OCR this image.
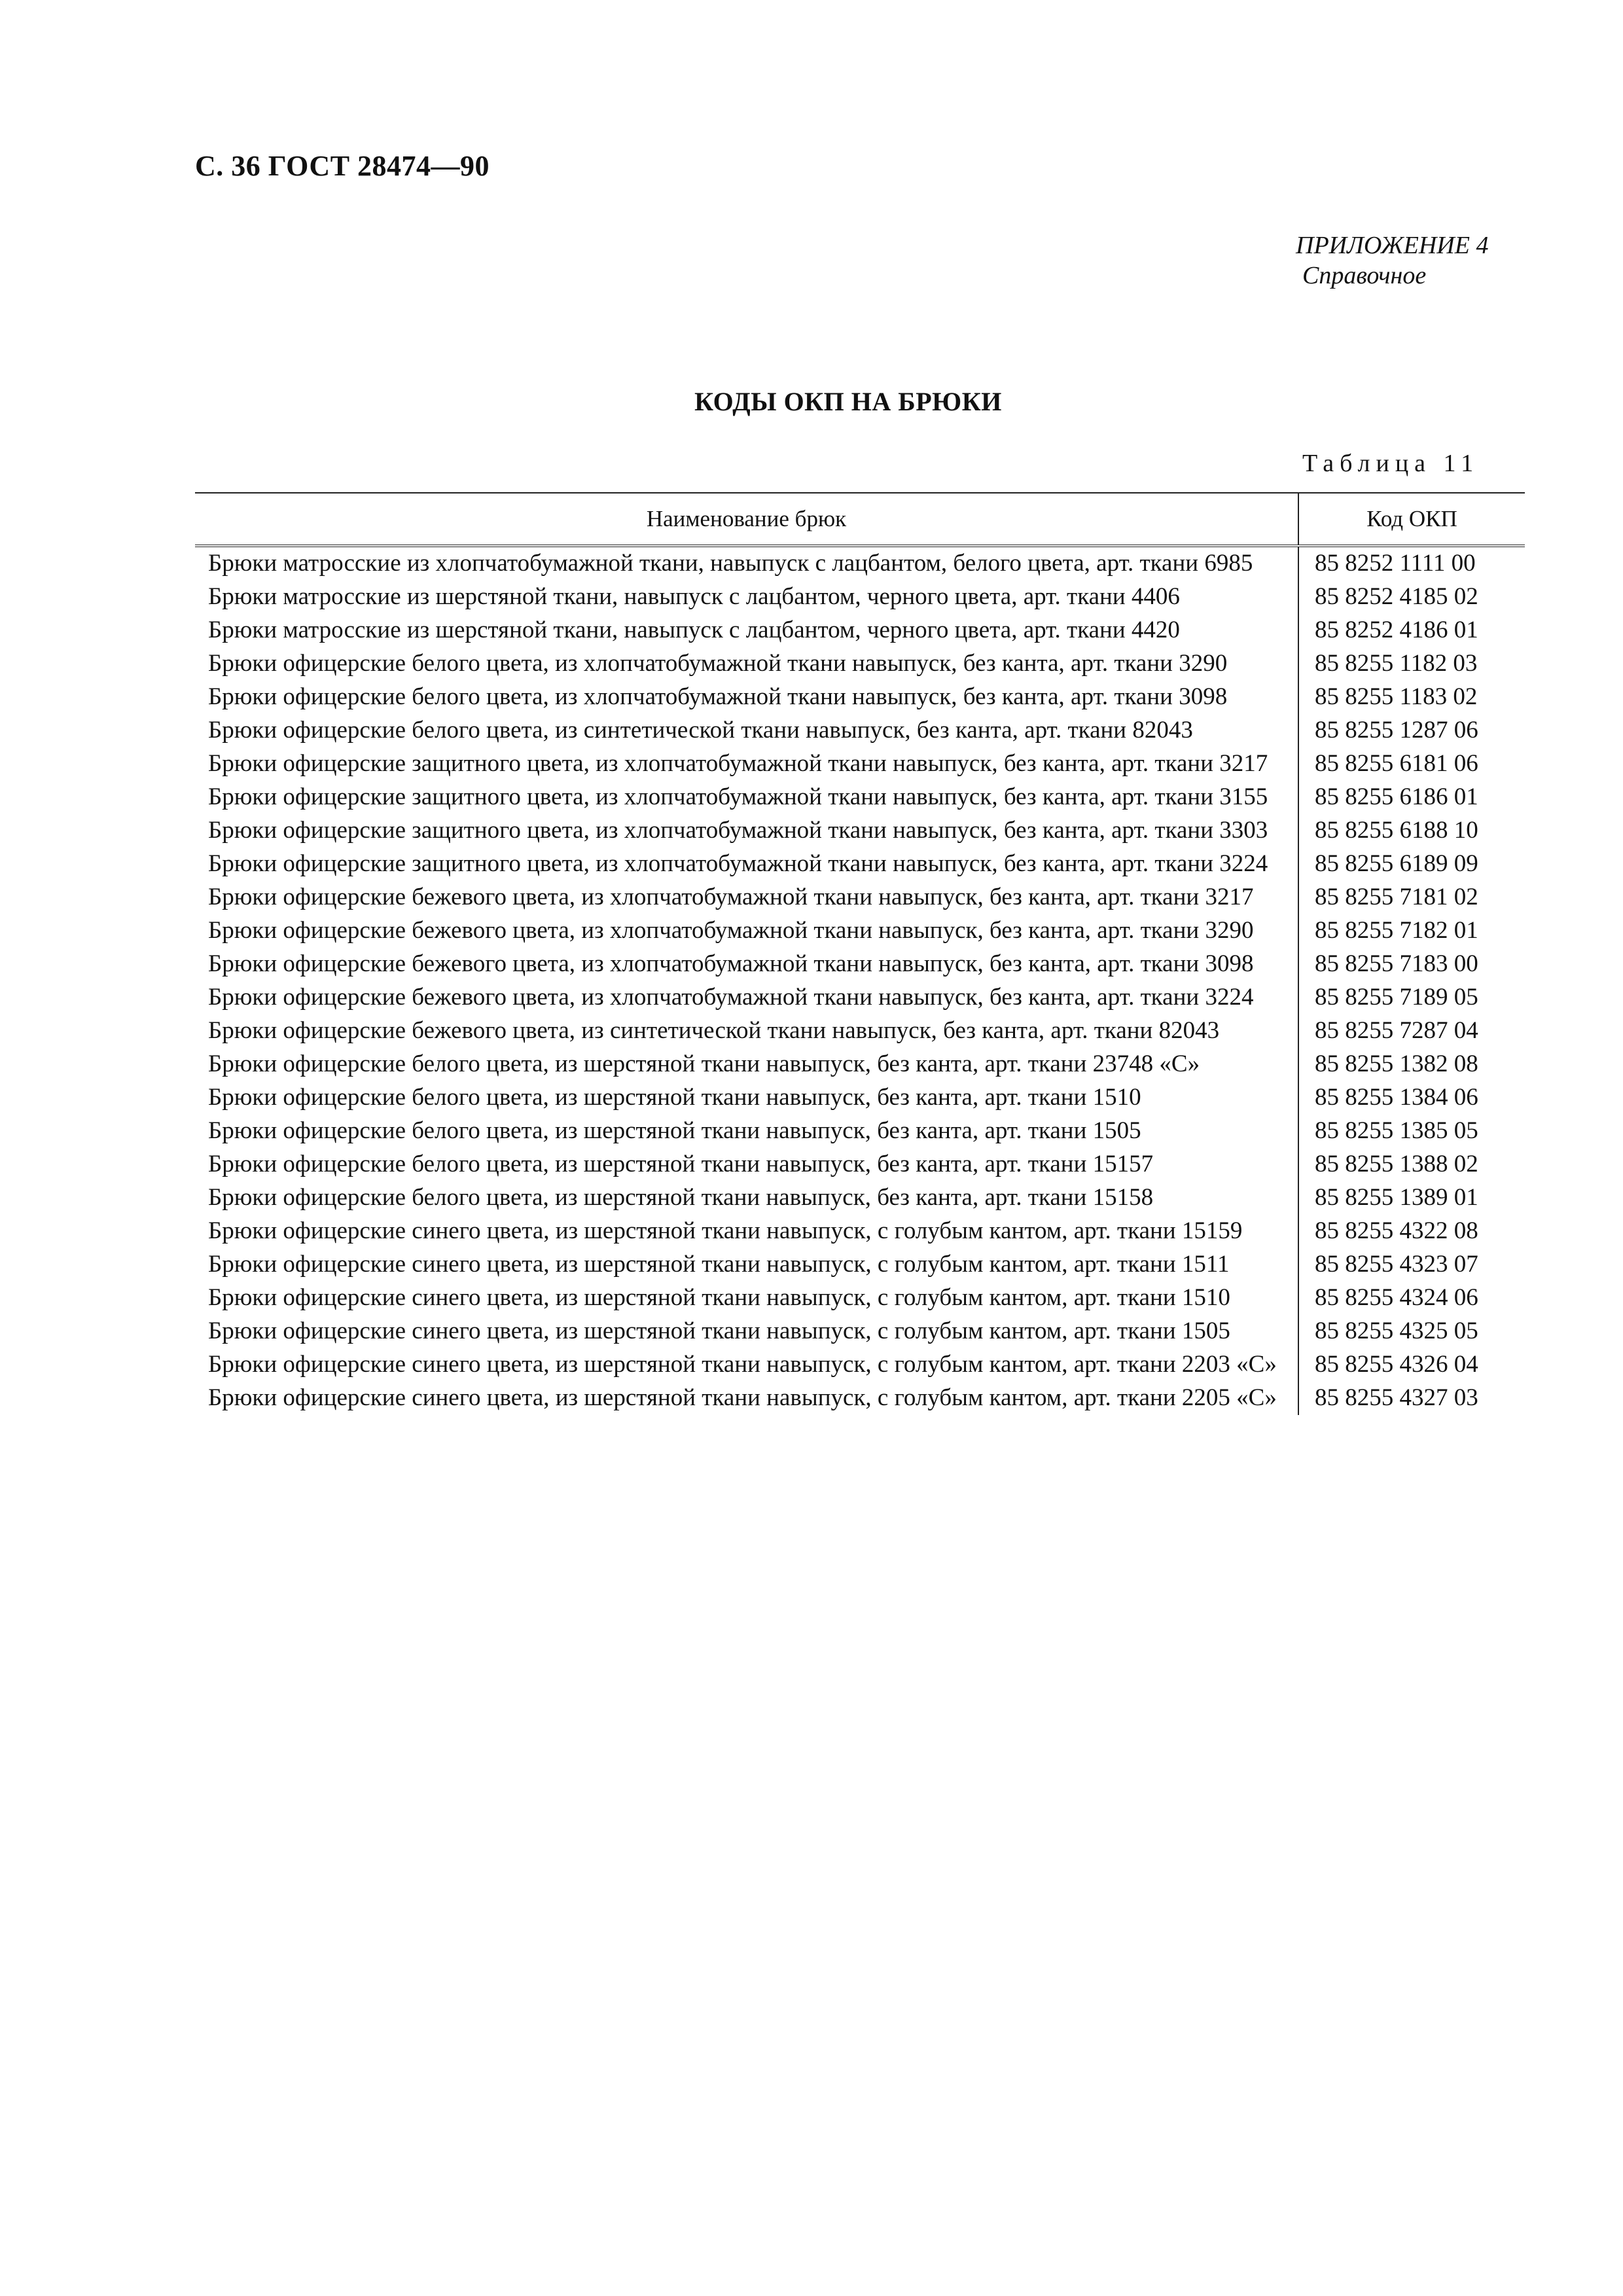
С. 36 ГОСТ 28474—90
ПРИЛОЖЕНИЕ 4
Справочное
КОДЫ ОКП НА БРЮКИ
Таблица 11
Наименование брюк	Код ОКП
Брюки матросские из хлопчатобумажной ткани, навыпуск с лацбантом, белого цвета, арт. ткани 6985	85 8252 1111 00
Брюки матросские из шерстяной ткани, навыпуск с лацбантом, черного цвета, арт. ткани 4406	85 8252 4185 02
Брюки матросские из шерстяной ткани, навыпуск с лацбантом, черного цвета, арт. ткани 4420	85 8252 4186 01
Брюки офицерские белого цвета, из хлопчатобумажной ткани навыпуск, без канта, арт. ткани 3290	85 8255 1182 03
Брюки офицерские белого цвета, из хлопчатобумажной ткани навыпуск, без канта, арт. ткани 3098	85 8255 1183 02
Брюки офицерские белого цвета, из синтетической ткани навыпуск, без канта, арт. ткани 82043	85 8255 1287 06
Брюки офицерские защитного цвета, из хлопчатобумажной ткани навыпуск, без канта, арт. ткани 3217	85 8255 6181 06
Брюки офицерские защитного цвета, из хлопчатобумажной ткани навыпуск, без канта, арт. ткани 3155	85 8255 6186 01
Брюки офицерские защитного цвета, из хлопчатобумажной ткани навыпуск, без канта, арт. ткани 3303	85 8255 6188 10
Брюки офицерские защитного цвета, из хлопчатобумажной ткани навыпуск, без канта, арт. ткани 3224	85 8255 6189 09
Брюки офицерские бежевого цвета, из хлопчатобумажной ткани навыпуск, без канта, арт. ткани 3217	85 8255 7181 02
Брюки офицерские бежевого цвета, из хлопчатобумажной ткани навыпуск, без канта, арт. ткани 3290	85 8255 7182 01
Брюки офицерские бежевого цвета, из хлопчатобумажной ткани навыпуск, без канта, арт. ткани 3098	85 8255 7183 00
Брюки офицерские бежевого цвета, из хлопчатобумажной ткани навыпуск, без канта, арт. ткани 3224	85 8255 7189 05
Брюки офицерские бежевого цвета, из синтетической ткани навыпуск, без канта, арт. ткани 82043	85 8255 7287 04
Брюки офицерские белого цвета, из шерстяной ткани навыпуск, без канта, арт. ткани 23748 «С»	85 8255 1382 08
Брюки офицерские белого цвета, из шерстяной ткани навыпуск, без канта, арт. ткани 1510	85 8255 1384 06
Брюки офицерские белого цвета, из шерстяной ткани навыпуск, без канта, арт. ткани 1505	85 8255 1385 05
Брюки офицерские белого цвета, из шерстяной ткани навыпуск, без канта, арт. ткани 15157	85 8255 1388 02
Брюки офицерские белого цвета, из шерстяной ткани навыпуск, без канта, арт. ткани 15158	85 8255 1389 01
Брюки офицерские синего цвета, из шерстяной ткани навыпуск, с голубым кантом, арт. ткани 15159	85 8255 4322 08
Брюки офицерские синего цвета, из шерстяной ткани навыпуск, с голубым кантом, арт. ткани 1511	85 8255 4323 07
Брюки офицерские синего цвета, из шерстяной ткани навыпуск, с голубым кантом, арт. ткани 1510	85 8255 4324 06
Брюки офицерские синего цвета, из шерстяной ткани навыпуск, с голубым кантом, арт. ткани 1505	85 8255 4325 05
Брюки офицерские синего цвета, из шерстяной ткани навыпуск, с голубым кантом, арт. ткани 2203 «С»	85 8255 4326 04
Брюки офицерские синего цвета, из шерстяной ткани навыпуск, с голубым кантом, арт. ткани 2205 «С»	85 8255 4327 03
